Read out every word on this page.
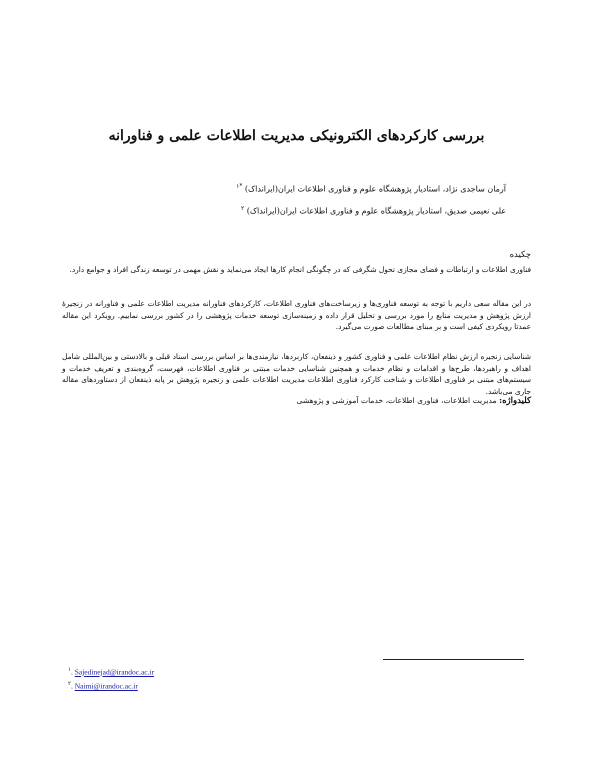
بررسی کارکردهای الکترونیکی مدیریت اطلاعات علمی و فناورانه
آرمان ساجدی نژاد، استادیار پژوهشگاه علوم و فناوری اطلاعات ایران(ایرانداک) $^{*۱}$
علی نعیمی صدیق، استادیار پژوهشگاه علوم و فناوری اطلاعات ایران(ایرانداک) $^۲$
چکیده
فناوری اطلاعات و ارتباطات و فضای مجازی تحول شگرفی که در چگونگی انجام کارها ایجاد می‌نماید و نقش مهمی در توسعه زندگی افراد و جوامع دارد.
در این مقاله سعی داریم با توجه به توسعه فناوری‌ها و زیرساخت‌های فناوری اطلاعات، کارکردهای فناورانه مدیریت اطلاعات علمی و فناورانه در زنجیرهٔ ارزش پژوهش و مدیریت منابع را مورد بررسی و تحلیل قرار داده و زمینه‌سازی توسعه خدمات پژوهشی را در کشور بررسی نماییم. رویکرد این مقاله عمدتا رویکردی کیفی است و بر مبنای مطالعات صورت می‌گیرد.
شناسایی زنجیره ارزش نظام اطلاعات علمی و فناوری کشور و ذینفعان، کاربردها، نیازمندی‌ها بر اساس بررسی اسناد قبلی و بالادستی و بین‌المللی شامل اهداف و راهبردها، طرح‌ها و اقدامات و نظام خدمات و همچنین شناسایی خدمات مبتنی بر فناوری اطلاعات، فهرست، گروه‌بندی و تعریف خدمات و سیستم‌های مبتنی بر فناوری اطلاعات و شناخت کارکرد فناوری اطلاعات مدیریت اطلاعات علمی و زنجیره پژوهش بر پایه ذینفعان از دستاوردهای مقاله جاری می‌باشد.
کلیدواژه: مدیریت اطلاعات، فناوری اطلاعات، خدمات آموزشی و پژوهشی
$^۱$. Sajedinejad@irandoc.ac.ir
$^۲$. Naimi@irandoc.ac.ir
